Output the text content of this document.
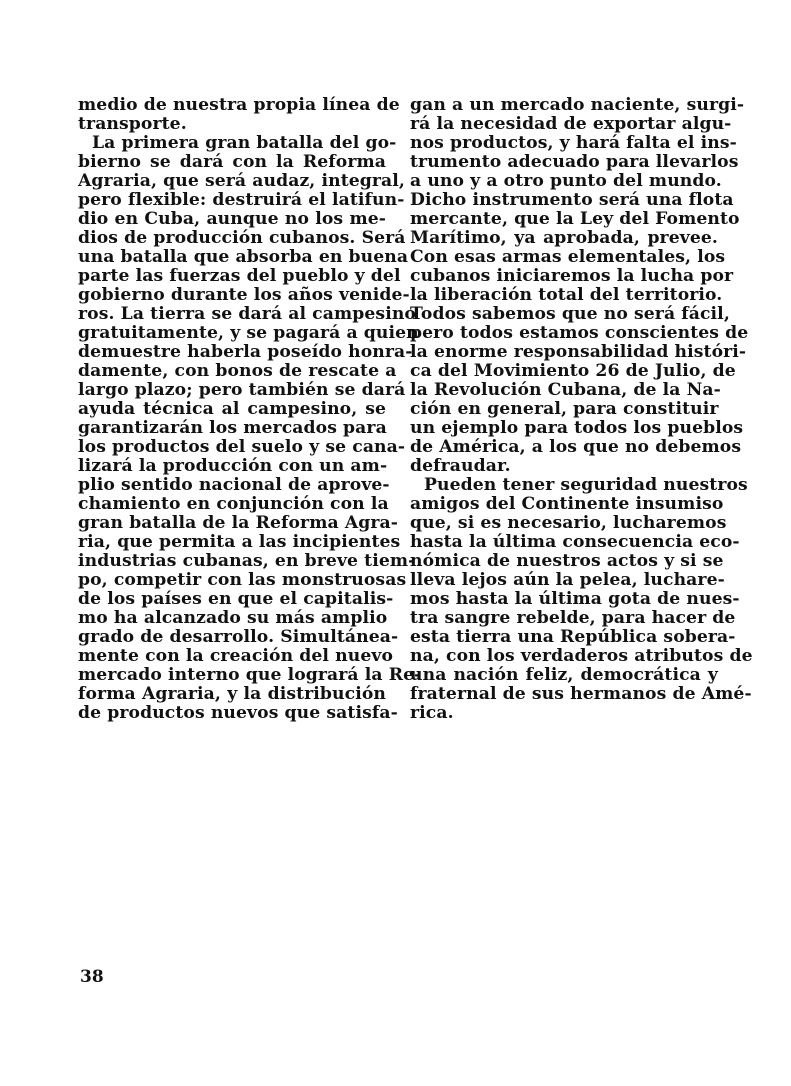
medio de nuestra propia línea de
transporte.
La primera gran batalla del go-
bierno se dará con la Reforma
Agraria, que será audaz, integral,
pero flexible: destruirá el latifun-
dio en Cuba, aunque no los me-
dios de producción cubanos. Será
una batalla que absorba en buena
parte las fuerzas del pueblo y del
gobierno durante los años venide-
ros. La tierra se dará al campesino
gratuitamente, y se pagará a quien
demuestre haberla poseído honra-
damente, con bonos de rescate a
largo plazo; pero también se dará
ayuda técnica al campesino, se
garantizarán los mercados para
los productos del suelo y se cana-
lizará la producción con un am-
plio sentido nacional de aprove-
chamiento en conjunción con la
gran batalla de la Reforma Agra-
ria, que permita a las incipientes
industrias cubanas, en breve tiem-
po, competir con las monstruosas
de los países en que el capitalis-
mo ha alcanzado su más amplio
grado de desarrollo. Simultánea-
mente con la creación del nuevo
mercado interno que logrará la Re-
forma Agraria, y la distribución
de productos nuevos que satisfa-
gan a un mercado naciente, surgi-
rá la necesidad de exportar algu-
nos productos, y hará falta el ins-
trumento adecuado para llevarlos
a uno y a otro punto del mundo.
Dicho instrumento será una flota
mercante, que la Ley del Fomento
Marítimo, ya aprobada, prevee.
Con esas armas elementales, los
cubanos iniciaremos la lucha por
la liberación total del territorio.
Todos sabemos que no será fácil,
pero todos estamos conscientes de
la enorme responsabilidad históri-
ca del Movimiento 26 de Julio, de
la Revolución Cubana, de la Na-
ción en general, para constituir
un ejemplo para todos los pueblos
de América, a los que no debemos
defraudar.
Pueden tener seguridad nuestros
amigos del Continente insumiso
que, si es necesario, lucharemos
hasta la última consecuencia eco-
nómica de nuestros actos y si se
lleva lejos aún la pelea, luchare-
mos hasta la última gota de nues-
tra sangre rebelde, para hacer de
esta tierra una República sobera-
na, con los verdaderos atributos de
una nación feliz, democrática y
fraternal de sus hermanos de Amé-
rica.
38
